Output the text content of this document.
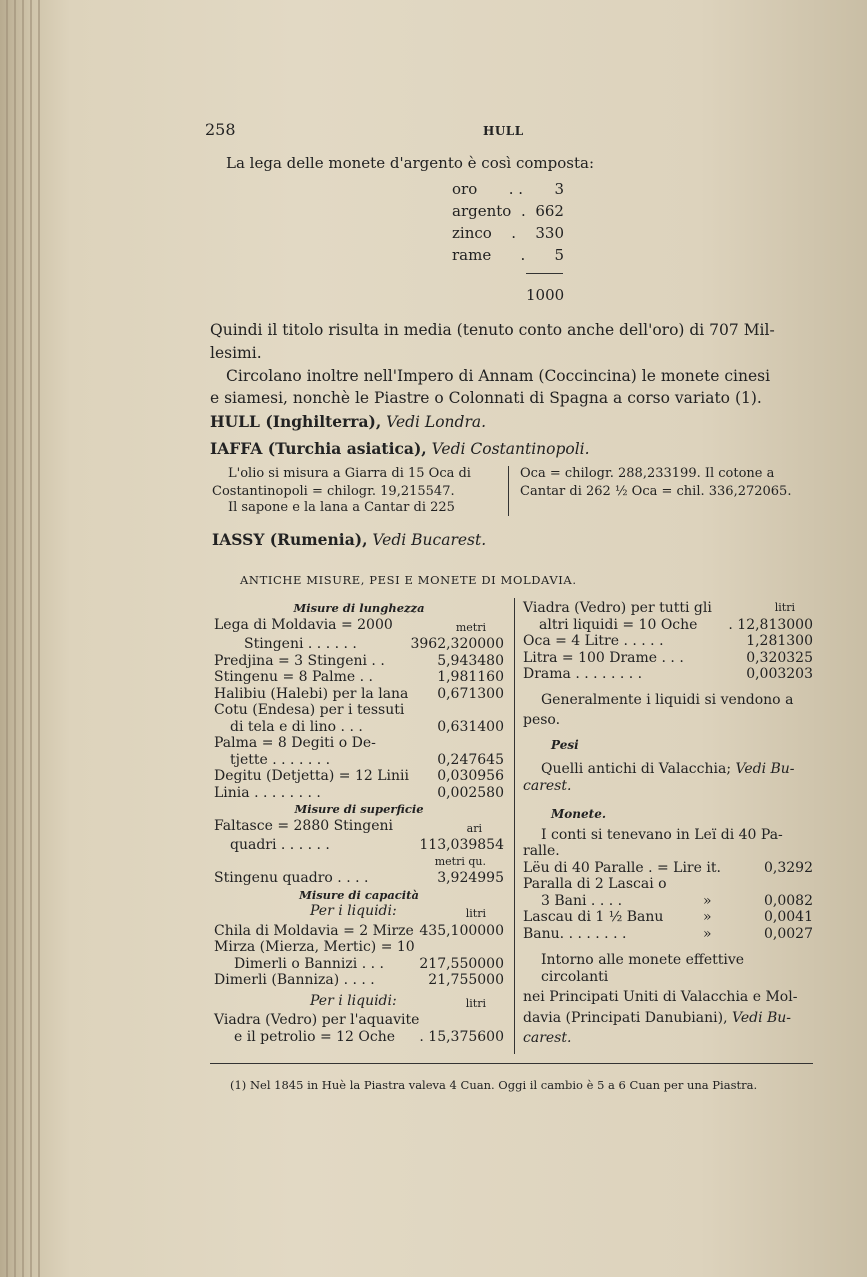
258	HULL
La lega delle monete d'argento è così composta:
oro . . 3
argento . 662
zinco . 330
rame . 5
1000
Quindi il titolo risulta in media (tenuto conto anche dell'oro) di 707 Mil-
lesimi.
Circolano inoltre nell'Impero di Annam (Coccincina) le monete cinesi
e siamesi, nonchè le Piastre o Colonnati di Spagna a corso variato (1).
HULL (Inghilterra), Vedi Londra.
IAFFA (Turchia asiatica), Vedi Costantinopoli.
L'olio si misura a Giarra di 15 Oca di
Costantinopoli = chilogr. 19,215547.
Il sapone e la lana a Cantar di 225
Oca = chilogr. 288,233199. Il cotone a
Cantar di 262 ½ Oca = chil. 336,272065.
IASSY (Rumenia), Vedi Bucarest.
ANTICHE MISURE, PESI E MONETE DI MOLDAVIA.
Misure di lunghezza
Lega di Moldavia = 2000	metri
Stingeni . . . . . .	3962,320000
Predjina = 3 Stingeni . .	5,943480
Stingenu = 8 Palme . .	1,981160
Halibiu (Halebi) per la lana 0,671300
Cotu (Endesa) per i tessuti
di tela e di lino . . .	0,631400
Palma = 8 Degiti o De-
tjette . . . . . . .	0,247645
Degitu (Detjetta) = 12 Linii 0,030956
Linia . . . . . . . .	0,002580
Misure di superficie
Faltasce = 2880 Stingeni	ari
quadri . . . . . .	113,039854
metri qu.
Stingenu quadro . . . .	3,924995
Misure di capacità
Per i liquidi:	litri
Chila di Moldavia = 2 Mirze 435,100000
Mirza (Mierza, Mertic) = 10
Dimerli o Bannizi . . .	217,550000
Dimerli (Banniza) . . . .	21,755000
Per i liquidi:	litri
Viadra (Vedro) per l'aquavite
e il petrolio = 12 Oche . 15,375600
Viadra (Vedro) per tutti gli	litri
altri liquidi = 10 Oche . 12,813000
Oca = 4 Litre . . . . .	1,281300
Litra = 100 Drame . . .	0,320325
Drama . . . . . . . .	0,003203
Generalmente i liquidi si vendono a
peso.
Pesi
Quelli antichi di Valacchia; Vedi Bu-
carest.
Monete.
I conti si tenevano in Leï di 40 Pa-
ralle.
Lëu di 40 Paralle . = Lire it.	0,3292
Paralla di 2 Lascai o
3 Bani . . . .	»	0,0082
Lascau di 1 ½ Banu	»	0,0041
Banu. . . . . . . .	»	0,0027
Intorno alle monete effettive circolanti
nei Principati Uniti di Valacchia e Mol-
davia (Principati Danubiani), Vedi Bu-
carest.
(1) Nel 1845 in Huè la Piastra valeva 4 Cuan. Oggi il cambio è 5 a 6 Cuan per una Piastra.
